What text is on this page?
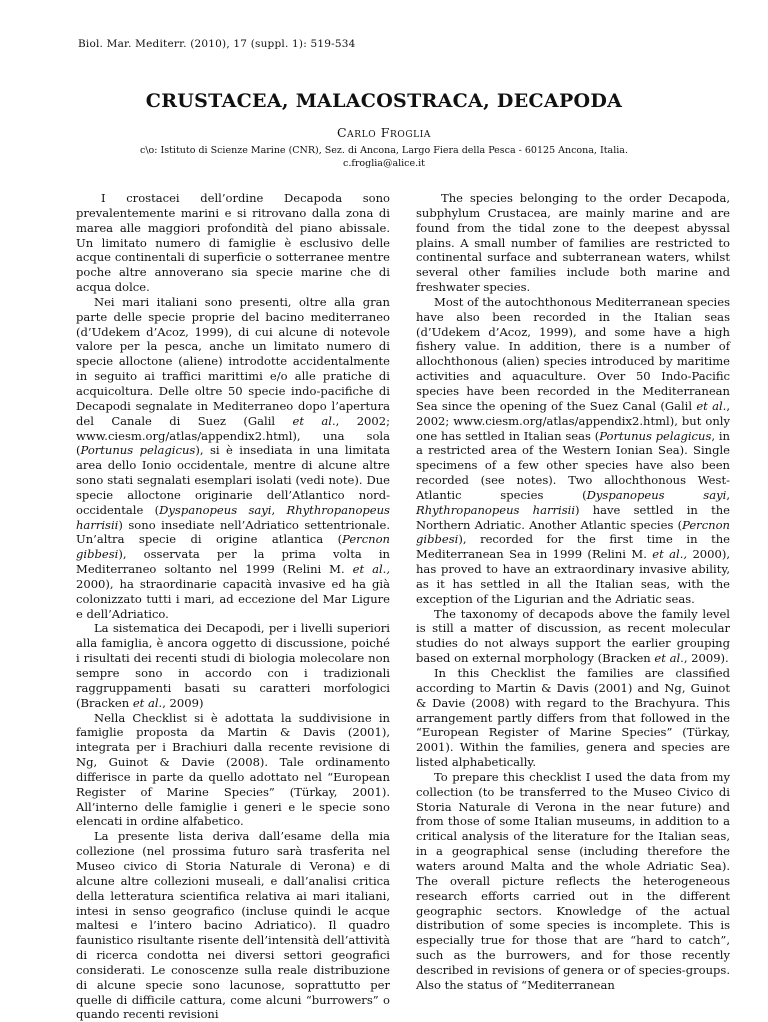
Biol. Mar. Mediterr. (2010), 17 (suppl. 1): 519-534
CRUSTACEA, MALACOSTRACA, DECAPODA
Carlo Froglia
c\o: Istituto di Scienze Marine (CNR), Sez. di Ancona, Largo Fiera della Pesca - 60125 Ancona, Italia.
c.froglia@alice.it

I crostacei dell’ordine Decapoda sono prevalentemente marini e si ritrovano dalla zona di marea alle maggiori profondità del piano abissale. Un limitato numero di famiglie è esclusivo delle acque continentali di superficie o sotterranee mentre poche altre annoverano sia specie marine che di acqua dolce.

Nei mari italiani sono presenti, oltre alla gran parte delle specie proprie del bacino mediterraneo (d’Udekem d’Acoz, 1999), di cui alcune di notevole valore per la pesca, anche un limitato numero di specie alloctone (aliene) introdotte accidentalmente in seguito ai traffici marittimi e/o alle pratiche di acquicoltura. Delle oltre 50 specie indo-pacifiche di Decapodi segnalate in Mediterraneo dopo l’apertura del Canale di Suez (Galil et al., 2002; www.ciesm.org/atlas/appendix2.html), una sola (Portunus pelagicus), si è insediata in una limitata area dello Ionio occidentale, mentre di alcune altre sono stati segnalati esemplari isolati (vedi note). Due specie alloctone originarie dell’Atlantico nord-occidentale (Dyspanopeus sayi, Rhythropanopeus harrisii) sono insediate nell’Adriatico settentrionale. Un’altra specie di origine atlantica (Percnon gibbesi), osservata per la prima volta in Mediterraneo soltanto nel 1999 (Relini M. et al., 2000), ha straordinarie capacità invasive ed ha già colonizzato tutti i mari, ad eccezione del Mar Ligure e dell’Adriatico.

La sistematica dei Decapodi, per i livelli superiori alla famiglia, è ancora oggetto di discussione, poiché i risultati dei recenti studi di biologia molecolare non sempre sono in accordo con i tradizionali raggruppamenti basati su caratteri morfologici (Bracken et al., 2009)

Nella Checklist si è adottata la suddivisione in famiglie proposta da Martin & Davis (2001), integrata per i Brachiuri dalla recente revisione di Ng, Guinot & Davie (2008). Tale ordinamento differisce in parte da quello adottato nel “European Register of Marine Species” (Türkay, 2001). All’interno delle famiglie i generi e le specie sono elencati in ordine alfabetico.

La presente lista deriva dall’esame della mia collezione (nel prossima futuro sarà trasferita nel Museo civico di Storia Naturale di Verona) e di alcune altre collezioni museali, e dall’analisi critica della letteratura scientifica relativa ai mari italiani, intesi in senso geografico (incluse quindi le acque maltesi e l’intero bacino Adriatico). Il quadro faunistico risultante risente dell’intensità dell’attività di ricerca condotta nei diversi settori geografici considerati. Le conoscenze sulla reale distribuzione di alcune specie sono lacunose, soprattutto per quelle di difficile cattura, come alcuni “burrowers” o quando recenti revisioni

The species belonging to the order Decapoda, subphylum Crustacea, are mainly marine and are found from the tidal zone to the deepest abyssal plains. A small number of families are restricted to continental surface and subterranean waters, whilst several other families include both marine and freshwater species.

Most of the autochthonous Mediterranean species have also been recorded in the Italian seas (d’Udekem d’Acoz, 1999), and some have a high fishery value. In addition, there is a number of allochthonous (alien) species introduced by maritime activities and aquaculture. Over 50 Indo-Pacific species have been recorded in the Mediterranean Sea since the opening of the Suez Canal (Galil et al., 2002; www.ciesm.org/atlas/appendix2.html), but only one has settled in Italian seas (Portunus pelagicus, in a restricted area of the Western Ionian Sea). Single specimens of a few other species have also been recorded (see notes). Two allochthonous West-Atlantic species (Dyspanopeus sayi, Rhythropanopeus harrisii) have settled in the Northern Adriatic. Another Atlantic species (Percnon gibbesi), recorded for the first time in the Mediterranean Sea in 1999 (Relini M. et al., 2000), has proved to have an extraordinary invasive ability, as it has settled in all the Italian seas, with the exception of the Ligurian and the Adriatic seas.

The taxonomy of decapods above the family level is still a matter of discussion, as recent molecular studies do not always support the earlier grouping based on external morphology (Bracken et al., 2009).

In this Checklist the families are classified according to Martin & Davis (2001) and Ng, Guinot & Davie (2008) with regard to the Brachyura. This arrangement partly differs from that followed in the “European Register of Marine Species” (Türkay, 2001). Within the families, genera and species are listed alphabetically.

To prepare this checklist I used the data from my collection (to be transferred to the Museo Civico di Storia Naturale di Verona in the near future) and from those of some Italian museums, in addition to a critical analysis of the literature for the Italian seas, in a geographical sense (including therefore the waters around Malta and the whole Adriatic Sea). The overall picture reflects the heterogeneous research efforts carried out in the different geographic sectors. Knowledge of the actual distribution of some species is incomplete. This is especially true for those that are “hard to catch”, such as the burrowers, and for those recently described in revisions of genera or of species-groups. Also the status of “Mediterranean
